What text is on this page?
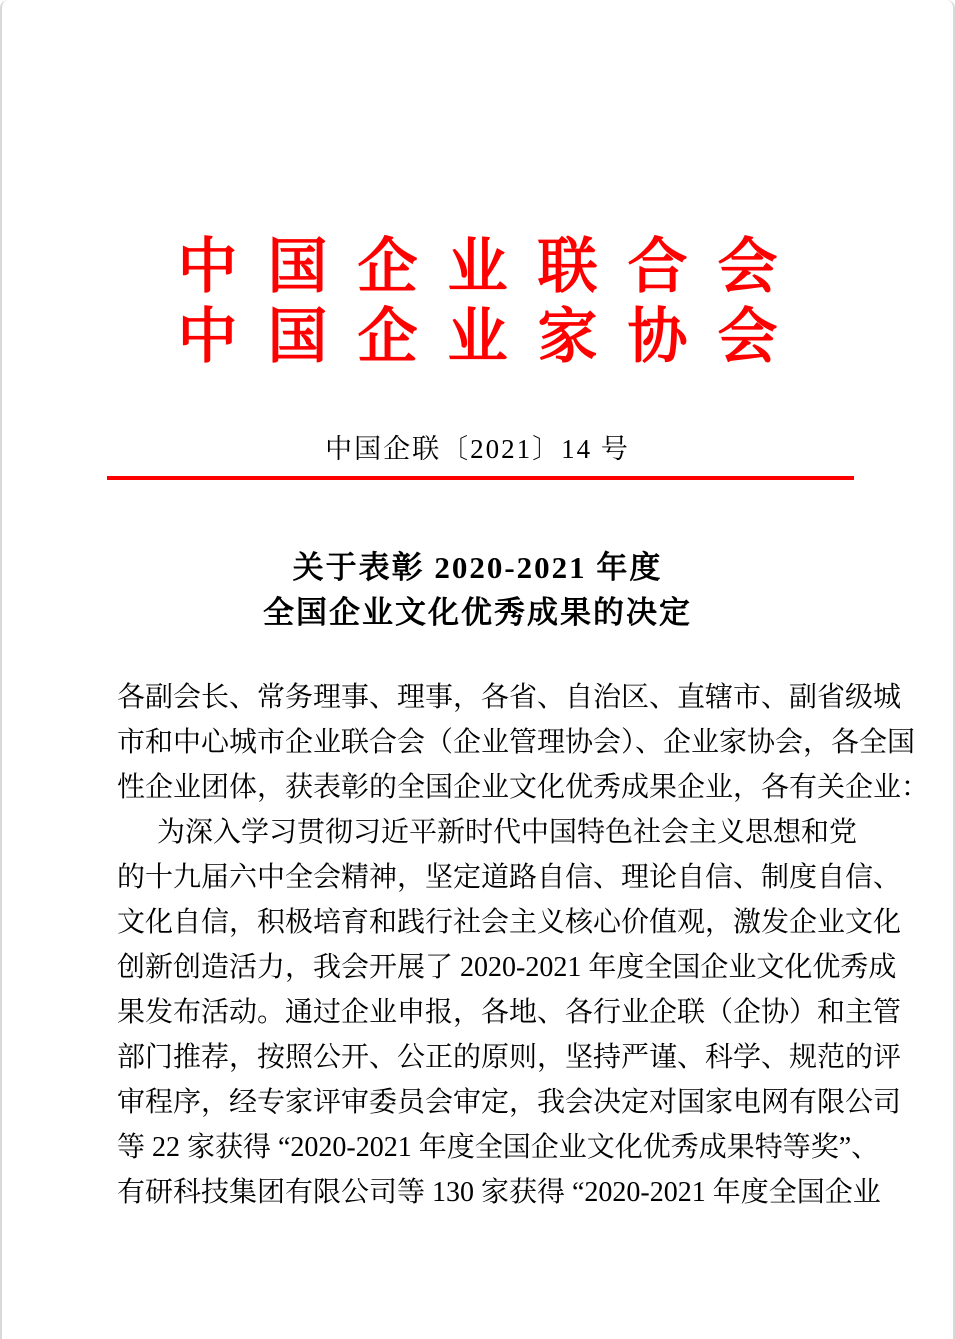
中国企业联合会
中国企业家协会
中国企联〔2021〕14 号
关于表彰 2020-2021 年度
全国企业文化优秀成果的决定
各副会长、常务理事、理事，各省、自治区、直辖市、副省级城
市和中心城市企业联合会（企业管理协会）、企业家协会，各全国
性企业团体，获表彰的全国企业文化优秀成果企业，各有关企业：
为深入学习贯彻习近平新时代中国特色社会主义思想和党
的十九届六中全会精神，坚定道路自信、理论自信、制度自信、
文化自信，积极培育和践行社会主义核心价值观，激发企业文化
创新创造活力，我会开展了 2020-2021 年度全国企业文化优秀成
果发布活动。通过企业申报，各地、各行业企联（企协）和主管
部门推荐，按照公开、公正的原则，坚持严谨、科学、规范的评
审程序，经专家评审委员会审定，我会决定对国家电网有限公司
等 22 家获得 “2020-2021 年度全国企业文化优秀成果特等奖”、
有研科技集团有限公司等 130 家获得 “2020-2021 年度全国企业
